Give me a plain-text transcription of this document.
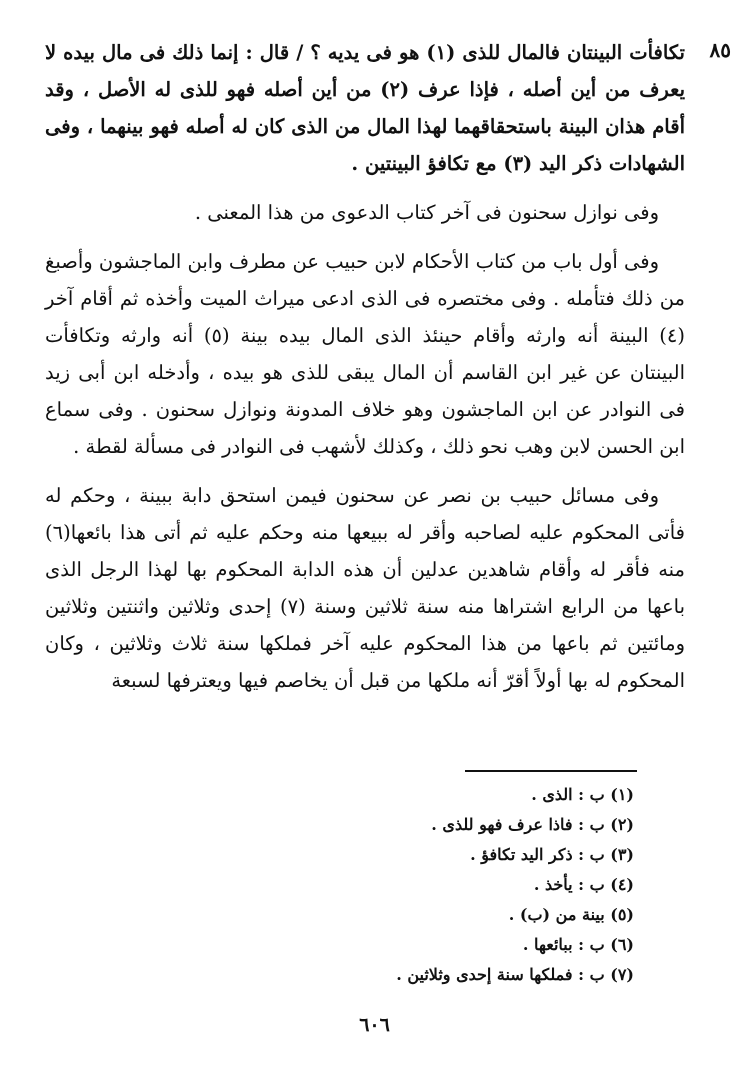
٨٥

تكافأت البينتان فالمال للذى (١) هو فى يديه ؟ / قال : إنما ذلك فى مال بيده لا يعرف من أين أصله ، فإذا عرف (٢) من أين أصله فهو للذى له الأصل ، وقد أقام هذان البينة باستحقاقهما لهذا المال من الذى كان له أصله فهو بينهما ، وفى الشهادات ذكر اليد (٣) مع تكافؤ البينتين .

وفى نوازل سحنون فى آخر كتاب الدعوى من هذا المعنى .

وفى أول باب من كتاب الأحكام لابن حبيب عن مطرف وابن الماجشون وأصبغ من ذلك فتأمله . وفى مختصره فى الذى ادعى ميراث الميت وأخذه ثم أقام آخر (٤) البينة أنه وارثه وأقام حينئذ الذى المال بيده بينة (٥) أنه وارثه وتكافأت البينتان عن غير ابن القاسم أن المال يبقى للذى هو بيده ، وأدخله ابن أبى زيد فى النوادر عن ابن الماجشون وهو خلاف المدونة ونوازل سحنون . وفى سماع ابن الحسن لابن وهب نحو ذلك ، وكذلك لأشهب فى النوادر فى مسألة لقطة .

وفى مسائل حبيب بن نصر عن سحنون فيمن استحق دابة ببينة ، وحكم له فأتى المحكوم عليه لصاحبه وأقر له ببيعها منه وحكم عليه ثم أتى هذا بائعها(٦) منه فأقر له وأقام شاهدين عدلين أن هذه الدابة المحكوم بها لهذا الرجل الذى باعها من الرابع اشتراها منه سنة ثلاثين وسنة (٧) إحدى وثلاثين واثنتين وثلاثين ومائتين ثم باعها من هذا المحكوم عليه آخر فملكها سنة ثلاث وثلاثين ، وكان المحكوم له بها أولاً أقرّ أنه ملكها من قبل أن يخاصم فيها ويعترفها لسبعة

(١) ب : الذى .
(٢) ب : فاذا عرف فهو للذى .
(٣) ب : ذكر اليد تكافؤ .
(٤) ب : يأخذ .
(٥) بينة من (ب) .
(٦) ب : ببائعها .
(٧) ب : فملكها سنة إحدى وثلاثين .
٦٠٦
